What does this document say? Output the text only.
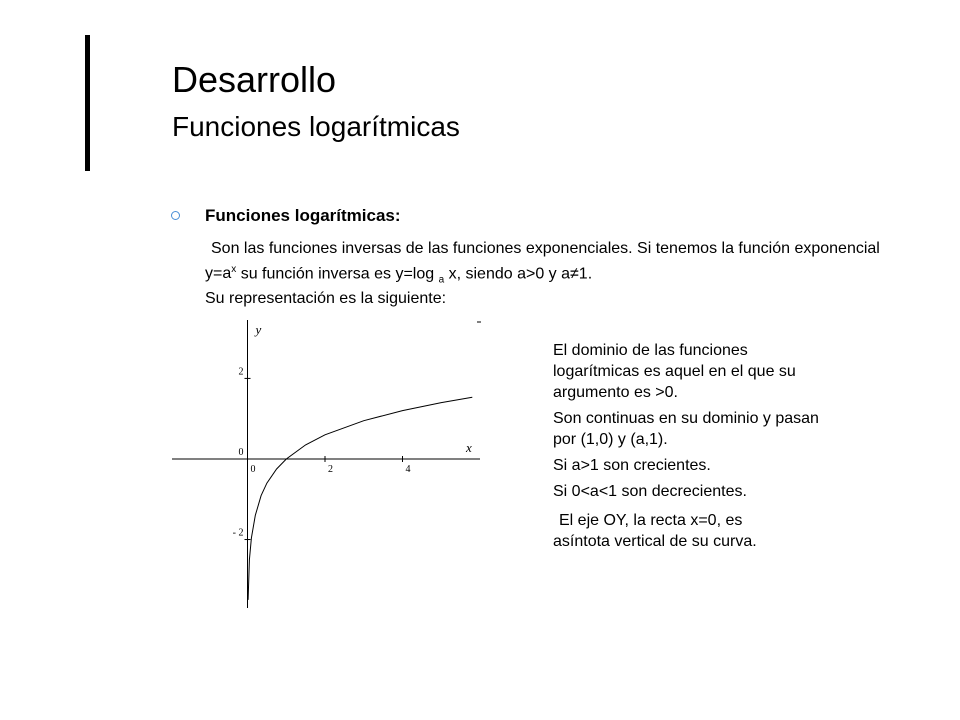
Desarrollo
Funciones logarítmicas
Funciones logarítmicas:
Son las funciones inversas de las funciones exponenciales. Si tenemos la función exponencial $y=a^x$ su función inversa es y=log $_a$ x, siendo a>0 y a≠1.
Su representación es la siguiente:
0	2	4
2
0
- 2
x
y

El dominio de las funciones logarítmicas es aquel en el que su argumento es >0.

Son continuas en su dominio y pasan por (1,0) y (a,1).

Si a>1 son crecientes.

Si 0<a<1 son decrecientes.

El eje OY, la recta x=0, es
asíntota vertical de su curva.
